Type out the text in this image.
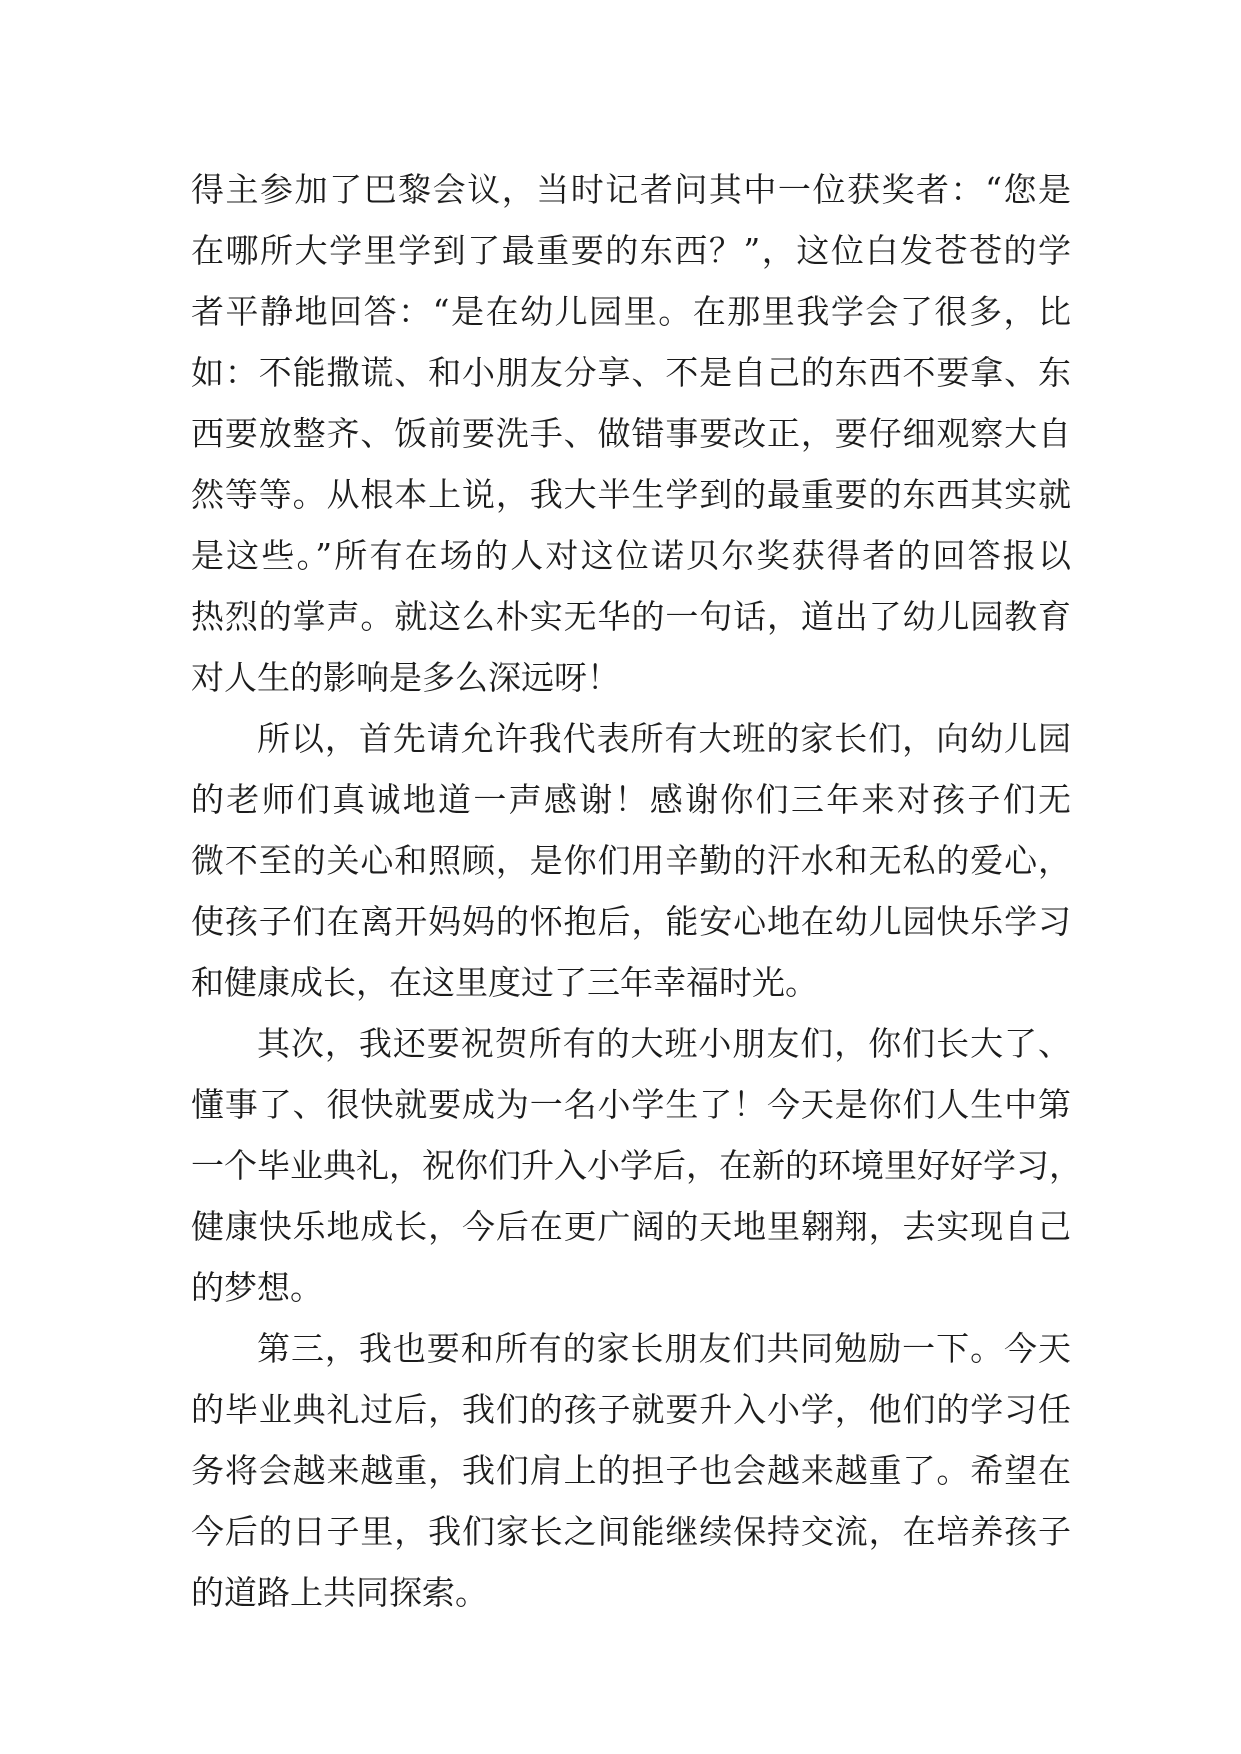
得主参加了巴黎会议，当时记者问其中一位获奖者：“您是
在哪所大学里学到了最重要的东西？”，这位白发苍苍的学
者平静地回答：“是在幼儿园里。在那里我学会了很多，比
如：不能撒谎、和小朋友分享、不是自己的东西不要拿、东
西要放整齐、饭前要洗手、做错事要改正，要仔细观察大自
然等等。从根本上说，我大半生学到的最重要的东西其实就
是这些。”所有在场的人对这位诺贝尔奖获得者的回答报以
热烈的掌声。就这么朴实无华的一句话，道出了幼儿园教育
对人生的影响是多么深远呀！
所以，首先请允许我代表所有大班的家长们，向幼儿园
的老师们真诚地道一声感谢！感谢你们三年来对孩子们无
微不至的关心和照顾，是你们用辛勤的汗水和无私的爱心，
使孩子们在离开妈妈的怀抱后，能安心地在幼儿园快乐学习
和健康成长，在这里度过了三年幸福时光。
其次，我还要祝贺所有的大班小朋友们，你们长大了、
懂事了、很快就要成为一名小学生了！今天是你们人生中第
一个毕业典礼，祝你们升入小学后，在新的环境里好好学习，
健康快乐地成长，今后在更广阔的天地里翱翔，去实现自己
的梦想。
第三，我也要和所有的家长朋友们共同勉励一下。今天
的毕业典礼过后，我们的孩子就要升入小学，他们的学习任
务将会越来越重，我们肩上的担子也会越来越重了。希望在
今后的日子里，我们家长之间能继续保持交流，在培养孩子
的道路上共同探索。
